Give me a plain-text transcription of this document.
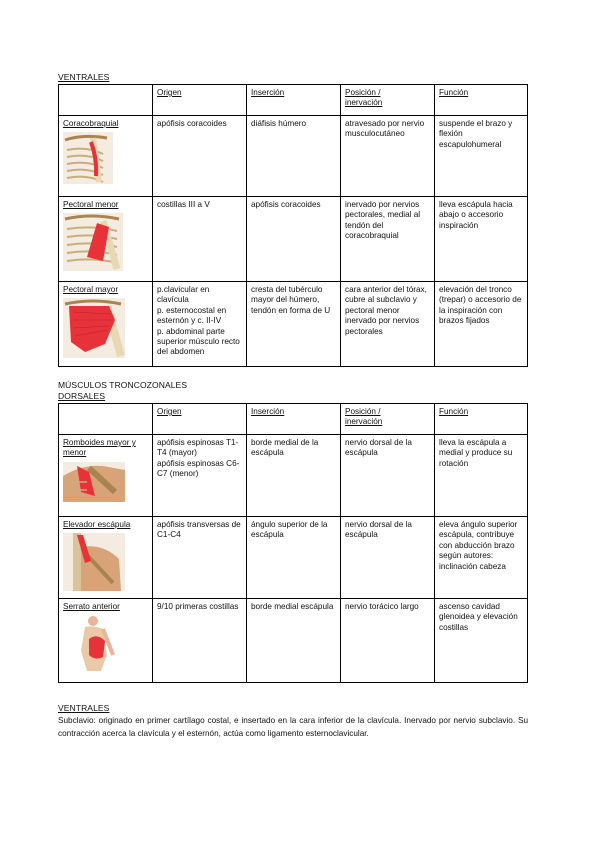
VENTRALES
	Origen	Inserción	Posición /
inervación	Función

Coracobraquial	apófisis coracoides	diáfisis húmero	atravesado por nervio musculocutáneo	suspende el brazo y flexión escapulohumeral

Pectoral menor	costillas III a V	apófisis coracoides	inervado por nervios pectorales, medial al tendón del coracobraquial	lleva escápula hacia abajo o accesorio inspiración

Pectoral mayor	p.clavicular en clavícula
p. esternocostal en esternón y c. II-IV
p. abdominal parte superior músculo recto del abdomen	cresta del tubérculo mayor del húmero, tendón en forma de U	cara anterior del tórax, cubre al subclavio y pectoral menor
inervado por nervios pectorales	elevación del tronco (trepar) o accesorio de la inspiración con brazos fijados
MÚSCULOS TRONCOZONALES
DORSALES
	Origen	Inserción	Posición /
inervación	Función

Romboides mayor y menor	apófisis espinosas T1-T4 (mayor)
apófisis espinosas C6-C7 (menor)	borde medial de la escápula	nervio dorsal de la escápula	lleva la escápula a medial y produce su rotación

Elevador escápula	apófisis transversas de C1-C4	ángulo superior de la escápula	nervio dorsal de la escápula	eleva ángulo superior escápula, contribuye con abducción brazo según autores: inclinación cabeza

Serrato anterior	9/10 primeras costillas	borde medial escápula	nervio torácico largo	ascenso cavidad glenoidea y elevación costillas
VENTRALES
Subclavio: originado en primer cartílago costal, e insertado en la cara inferior de la clavícula. Inervado por nervio subclavio. Su contracción acerca la clavícula y el esternón, actúa como ligamento esternoclavicular.
